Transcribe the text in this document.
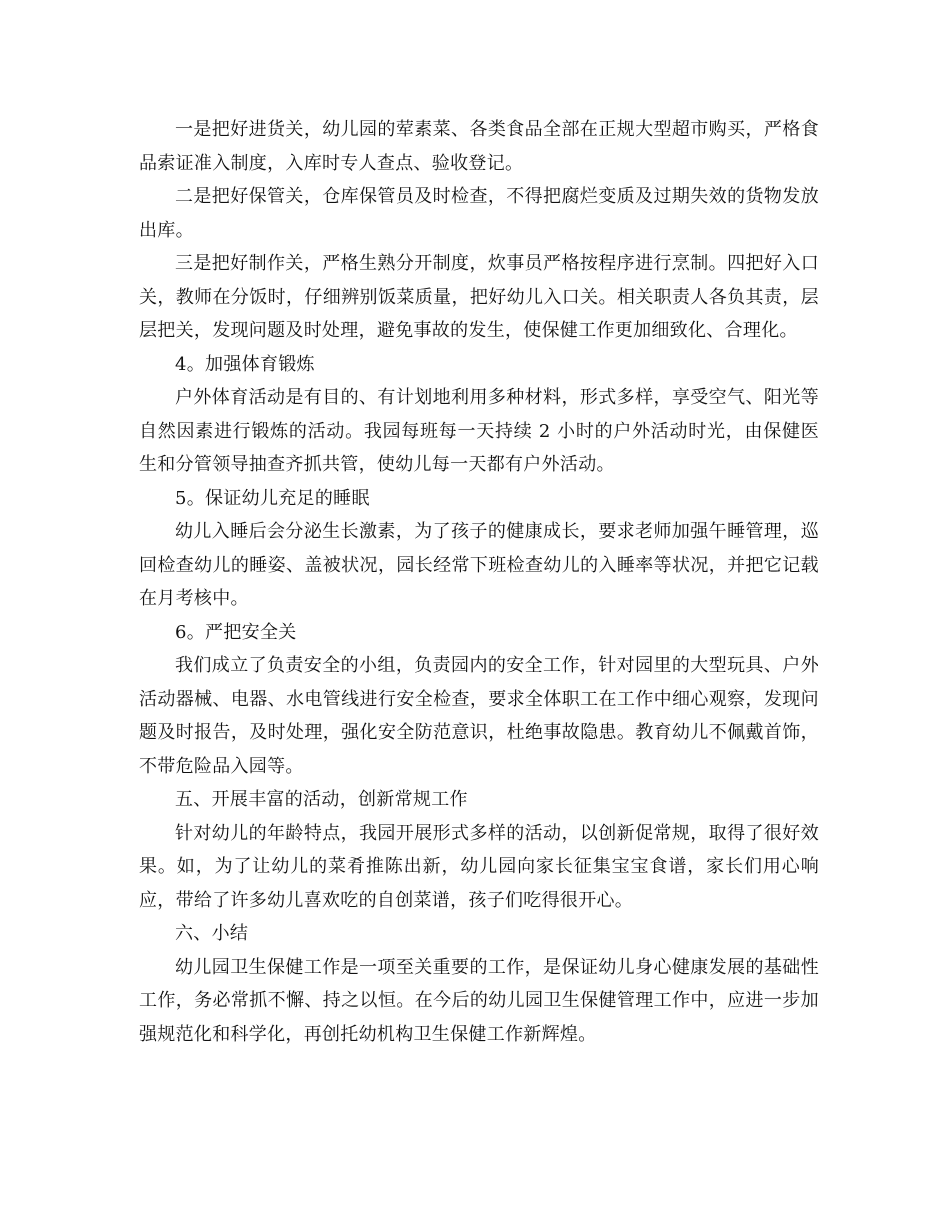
一是把好进货关，幼儿园的荤素菜、各类食品全部在正规大型超市购买，严格食品索证准入制度，入库时专人查点、验收登记。

二是把好保管关，仓库保管员及时检查，不得把腐烂变质及过期失效的货物发放出库。

三是把好制作关，严格生熟分开制度，炊事员严格按程序进行烹制。四把好入口关，教师在分饭时，仔细辨别饭菜质量，把好幼儿入口关。相关职责人各负其责，层层把关，发现问题及时处理，避免事故的发生，使保健工作更加细致化、合理化。

4。加强体育锻炼

户外体育活动是有目的、有计划地利用多种材料，形式多样，享受空气、阳光等自然因素进行锻炼的活动。我园每班每一天持续 2 小时的户外活动时光，由保健医生和分管领导抽查齐抓共管，使幼儿每一天都有户外活动。

5。保证幼儿充足的睡眠

幼儿入睡后会分泌生长激素，为了孩子的健康成长，要求老师加强午睡管理，巡回检查幼儿的睡姿、盖被状况，园长经常下班检查幼儿的入睡率等状况，并把它记载在月考核中。

6。严把安全关

我们成立了负责安全的小组，负责园内的安全工作，针对园里的大型玩具、户外活动器械、电器、水电管线进行安全检查，要求全体职工在工作中细心观察，发现问题及时报告，及时处理，强化安全防范意识，杜绝事故隐患。教育幼儿不佩戴首饰，不带危险品入园等。

五、开展丰富的活动，创新常规工作

针对幼儿的年龄特点，我园开展形式多样的活动，以创新促常规，取得了很好效果。如，为了让幼儿的菜肴推陈出新，幼儿园向家长征集宝宝食谱，家长们用心响应，带给了许多幼儿喜欢吃的自创菜谱，孩子们吃得很开心。

六、小结

幼儿园卫生保健工作是一项至关重要的工作，是保证幼儿身心健康发展的基础性工作，务必常抓不懈、持之以恒。在今后的幼儿园卫生保健管理工作中，应进一步加强规范化和科学化，再创托幼机构卫生保健工作新辉煌。
